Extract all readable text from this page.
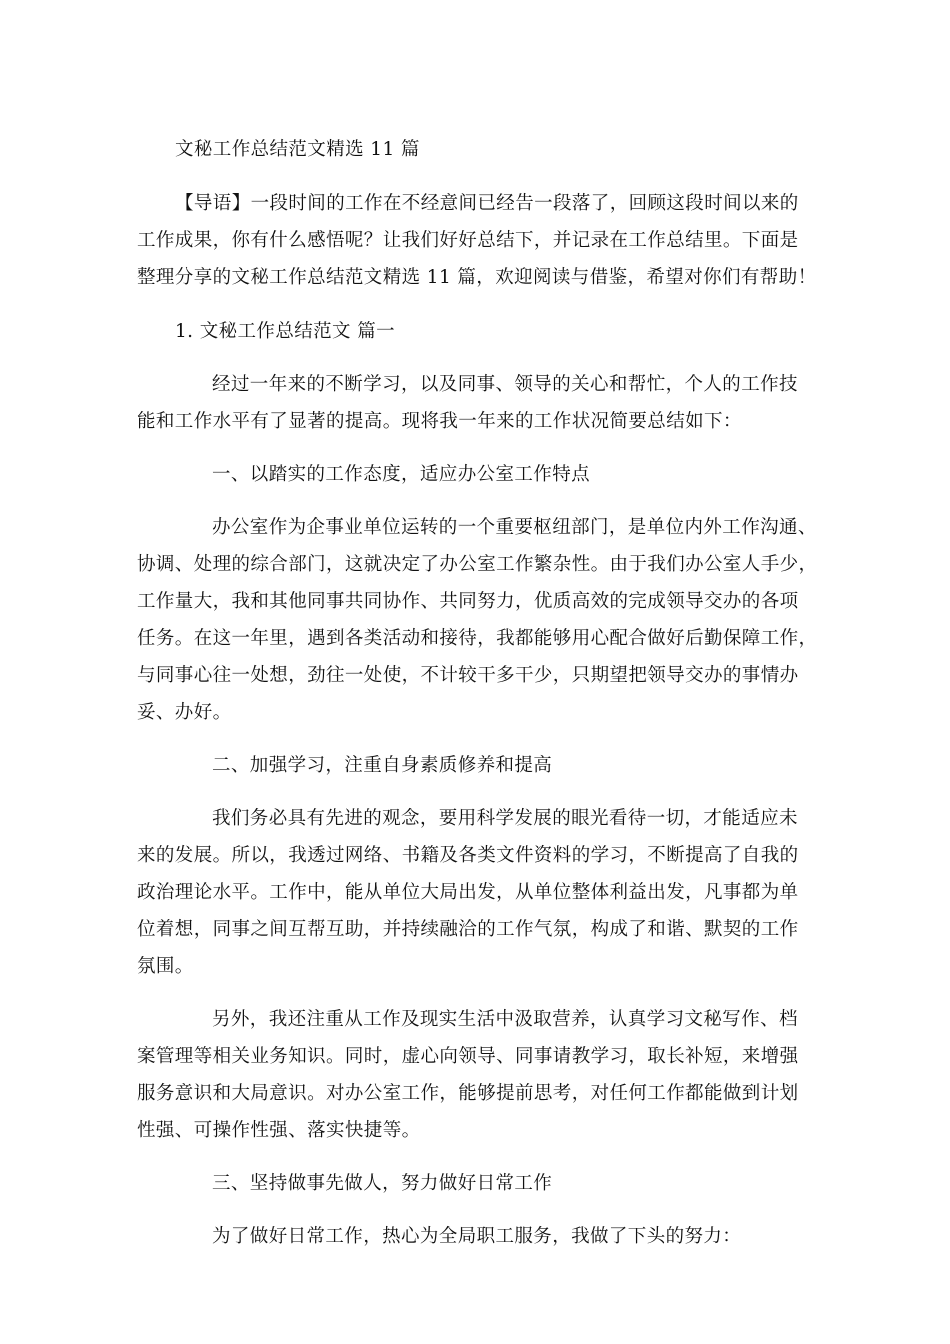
文秘工作总结范文精选 11 篇
【导语】一段时间的工作在不经意间已经告一段落了，回顾这段时间以来的
工作成果，你有什么感悟呢？让我们好好总结下，并记录在工作总结里。下面是
整理分享的文秘工作总结范文精选 11 篇，欢迎阅读与借鉴，希望对你们有帮助！
1. 文秘工作总结范文 篇一
经过一年来的不断学习，以及同事、领导的关心和帮忙，个人的工作技
能和工作水平有了显著的提高。现将我一年来的工作状况简要总结如下：
一、以踏实的工作态度，适应办公室工作特点
办公室作为企事业单位运转的一个重要枢纽部门，是单位内外工作沟通、
协调、处理的综合部门，这就决定了办公室工作繁杂性。由于我们办公室人手少，
工作量大，我和其他同事共同协作、共同努力，优质高效的完成领导交办的各项
任务。在这一年里，遇到各类活动和接待，我都能够用心配合做好后勤保障工作，
与同事心往一处想，劲往一处使，不计较干多干少，只期望把领导交办的事情办
妥、办好。
二、加强学习，注重自身素质修养和提高
我们务必具有先进的观念，要用科学发展的眼光看待一切，才能适应未
来的发展。所以，我透过网络、书籍及各类文件资料的学习，不断提高了自我的
政治理论水平。工作中，能从单位大局出发，从单位整体利益出发，凡事都为单
位着想，同事之间互帮互助，并持续融洽的工作气氛，构成了和谐、默契的工作
氛围。
另外，我还注重从工作及现实生活中汲取营养，认真学习文秘写作、档
案管理等相关业务知识。同时，虚心向领导、同事请教学习，取长补短，来增强
服务意识和大局意识。对办公室工作，能够提前思考，对任何工作都能做到计划
性强、可操作性强、落实快捷等。
三、坚持做事先做人，努力做好日常工作
为了做好日常工作，热心为全局职工服务，我做了下头的努力：
